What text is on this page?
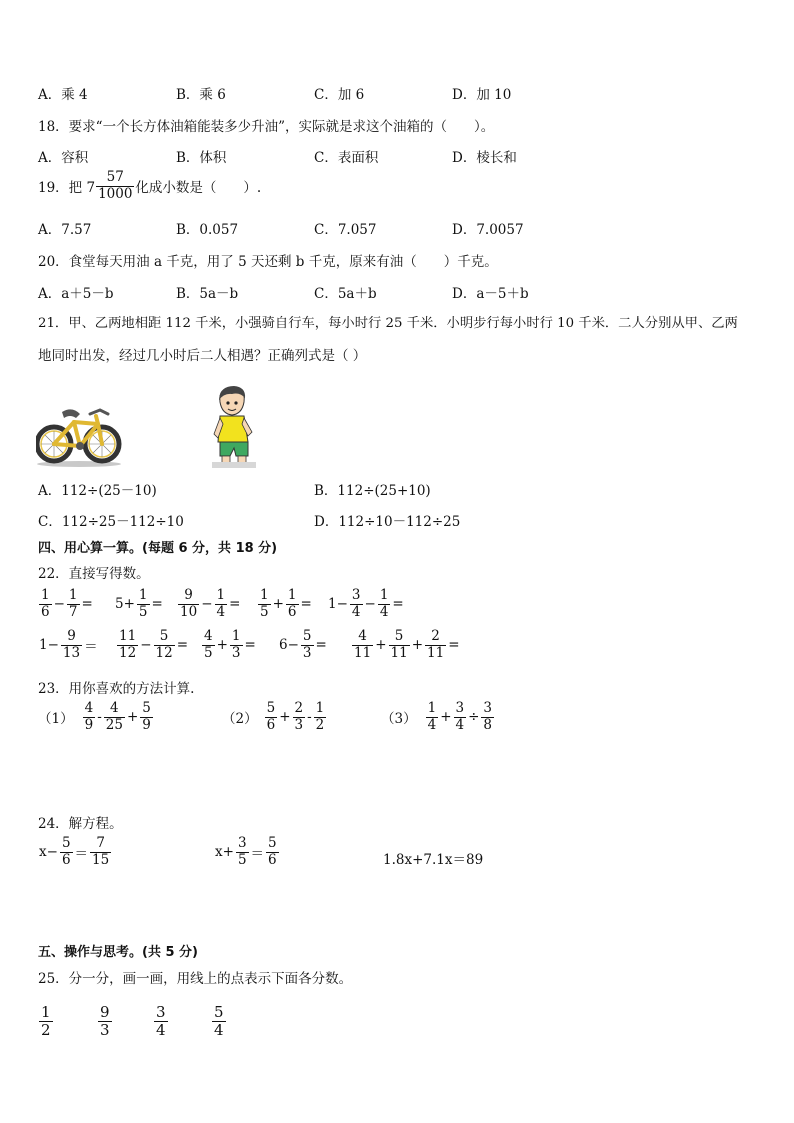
A．乘 4	B．乘 6	C．加 6	D．加 10
18．要求“一个长方体油箱能装多少升油”，实际就是求这个油箱的（　　）。
A．容积	B．体积	C．表面积	D．棱长和
19．把 $7 \frac{57}{1000}$ 化成小数是（　　）.
A．7.57	B．0.057	C．7.057	D．7.0057
20．食堂每天用油 a 千克，用了 5 天还剩 b 千克，原来有油（　　）千克。
A．a＋5－b	B．5a－b	C．5a＋b	D．a－5＋b
21．甲、乙两地相距 112 千米，小强骑自行车，每小时行 25 千米．小明步行每小时行 10 千米．二人分别从甲、乙两
地同时出发，经过几小时后二人相遇？正确列式是（ ）
A．112÷(25－10)	B．112÷(25+10)
C．112÷25－112÷10	D．112÷10－112÷25
四、用心算一算。(每题 6 分，共 18 分)
22．直接写得数。
$\frac{1}{6} - \frac{1}{7} = 5+ \frac{1}{5} = \frac{9}{10} - \frac{1}{4} = \frac{1}{5} + \frac{1}{6} = 1- \frac{3}{4} - \frac{1}{4}$ =
$1- \frac{9}{13} = \frac{11}{12} - \frac{5}{12} = \frac{4}{5} + \frac{1}{3} = 6- \frac{5}{3} = \frac{4}{11} + \frac{5}{11} + \frac{2}{11}$ =
23．用你喜欢的方法计算.
$(1) \frac{4}{9} - \frac{4}{25} + \frac{5}{9}$	$(2) \frac{5}{6} + \frac{2}{3} - \frac{1}{2}$	$(3) \frac{1}{4} + \frac{3}{4} \div \frac{3}{8}$
24．解方程。
$x- \frac{5}{6} = \frac{7}{15}$	$x+ \frac{3}{5} = \frac{5}{6}$	1.8x+7.1x＝89
五、操作与思考。(共 5 分)
25．分一分，画一画，用线上的点表示下面各分数。
$\frac{1}{2}$	$\frac{9}{3}$	$\frac{3}{4}$	$\frac{5}{4}$
